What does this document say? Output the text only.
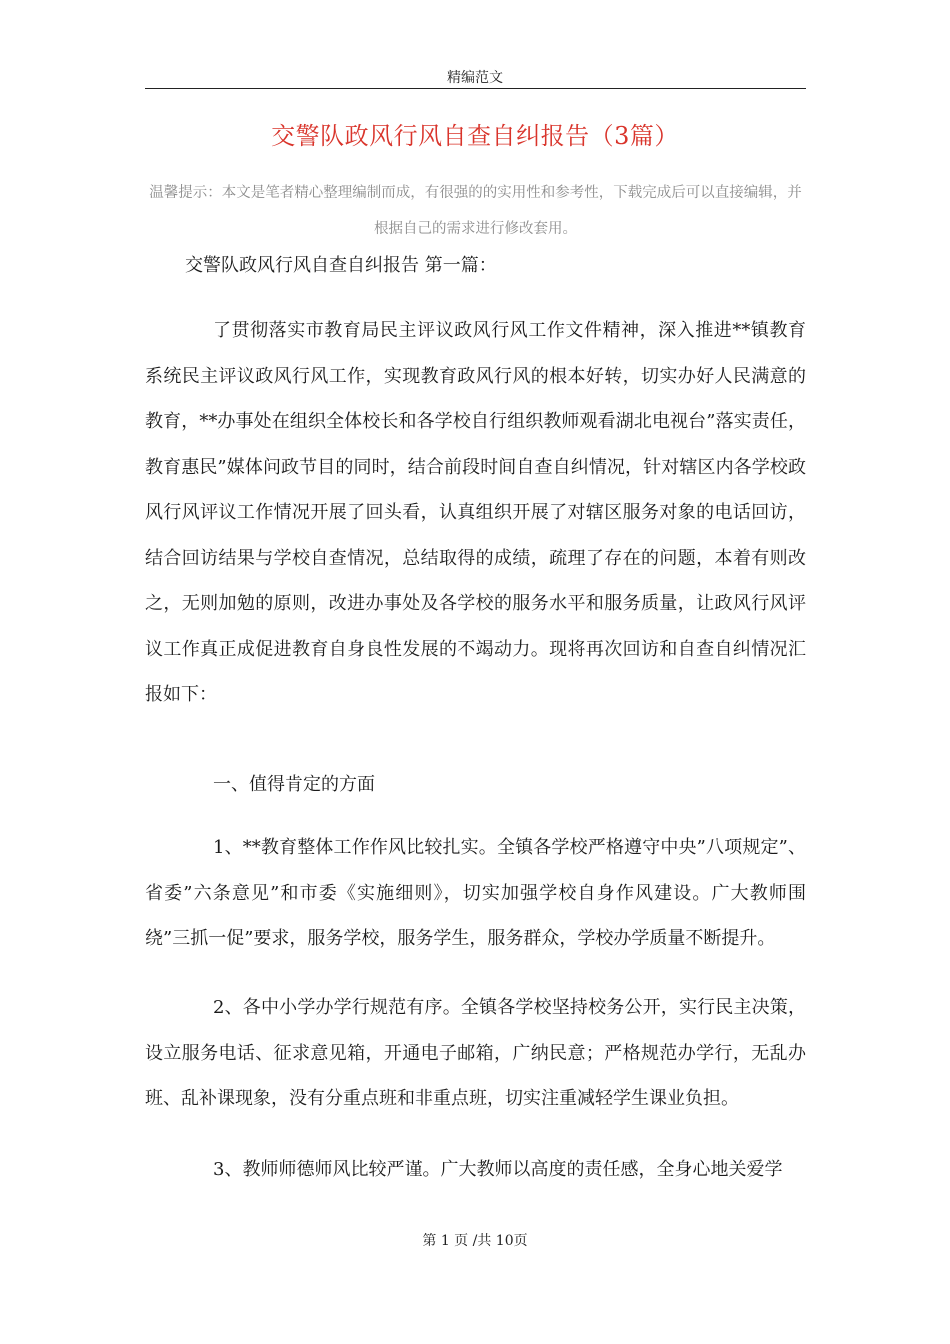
精编范文
交警队政风行风自查自纠报告（3篇）
温馨提示：本文是笔者精心整理编制而成，有很强的的实用性和参考性，下载完成后可以直接编辑，并根据自己的需求进行修改套用。
交警队政风行风自查自纠报告 第一篇：

了贯彻落实市教育局民主评议政风行风工作文件精神，深入推进**镇教育系统民主评议政风行风工作，实现教育政风行风的根本好转，切实办好人民满意的教育，**办事处在组织全体校长和各学校自行组织教师观看湖北电视台”落实责任，教育惠民”媒体问政节目的同时，结合前段时间自查自纠情况，针对辖区内各学校政风行风评议工作情况开展了回头看，认真组织开展了对辖区服务对象的电话回访，结合回访结果与学校自查情况，总结取得的成绩，疏理了存在的问题，本着有则改之，无则加勉的原则，改进办事处及各学校的服务水平和服务质量，让政风行风评议工作真正成促进教育自身良性发展的不竭动力。现将再次回访和自查自纠情况汇报如下：

一、值得肯定的方面

1、**教育整体工作作风比较扎实。全镇各学校严格遵守中央”八项规定”、省委”六条意见”和市委《实施细则》，切实加强学校自身作风建设。广大教师围绕”三抓一促”要求，服务学校，服务学生，服务群众，学校办学质量不断提升。

2、各中小学办学行规范有序。全镇各学校坚持校务公开，实行民主决策，设立服务电话、征求意见箱，开通电子邮箱，广纳民意；严格规范办学行，无乱办班、乱补课现象，没有分重点班和非重点班，切实注重减轻学生课业负担。

3、教师师德师风比较严谨。广大教师以高度的责任感，全身心地关爱学

第 1 页 /共 10页
